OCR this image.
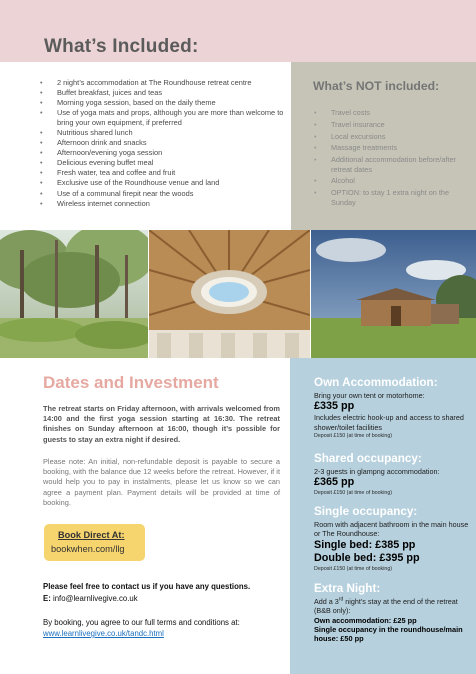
What’s Included:
• 2 night’s accommodation at The Roundhouse retreat centre
• Buffet breakfast, juices and teas
• Morning yoga session, based on the daily theme
• Use of yoga mats and props, although you are more than welcome to bring your own equipment, if preferred
• Nutritious shared lunch
• Afternoon drink and snacks
• Afternoon/evening yoga session
• Delicious evening buffet meal
• Fresh water, tea and coffee and fruit
• Exclusive use of the Roundhouse venue and land
• Use of a communal firepit near the woods
• Wireless internet connection
What’s NOT included:
• Travel costs
• Travel insurance
• Local excursions
• Massage treatments
• Additional accommodation before/after retreat dates
• Alcohol
• OPTION: to stay 1 extra night on the Sunday
Dates and Investment

The retreat starts on Friday afternoon, with arrivals welcomed from 14:00 and the first yoga session starting at 16:30. The retreat finishes on Sunday afternoon at 16:00, though it’s possible for guests to stay an extra night if desired.

Please note: An initial, non-refundable deposit is payable to secure a booking, with the balance due 12 weeks before the retreat. However, if it would help you to pay in instalments, please let us know so we can agree a payment plan. Payment details will be provided at time of booking.

Book Direct At:
bookwhen.com/llg

Please feel free to contact us if you have any questions.

E: info@learnlivegive.co.uk

By booking, you agree to our full terms and conditions at:

www.learnlivegive.co.uk/tandc.html

Own Accommodation:
Bring your own tent or motorhome:
£335 pp
Includes electric hook-up and access to shared shower/toilet facilities
Deposit £150 (at time of booking)
Shared occupancy:
2-3 guests in glampng accommodation:
£365 pp
Deposit £150 (at time of booking)
Single occupancy:
Room with adjacent bathroom in the main house or The Roundhouse:
Single bed: £385 pp
Double bed: £395 pp
Deposit £150 (at time of booking)
Extra Night:
Add a 3rd night’s stay at the end of the retreat (B&B only):
Own accommodation: £25 pp
Single occupancy in the roundhouse/main house: £50 pp
